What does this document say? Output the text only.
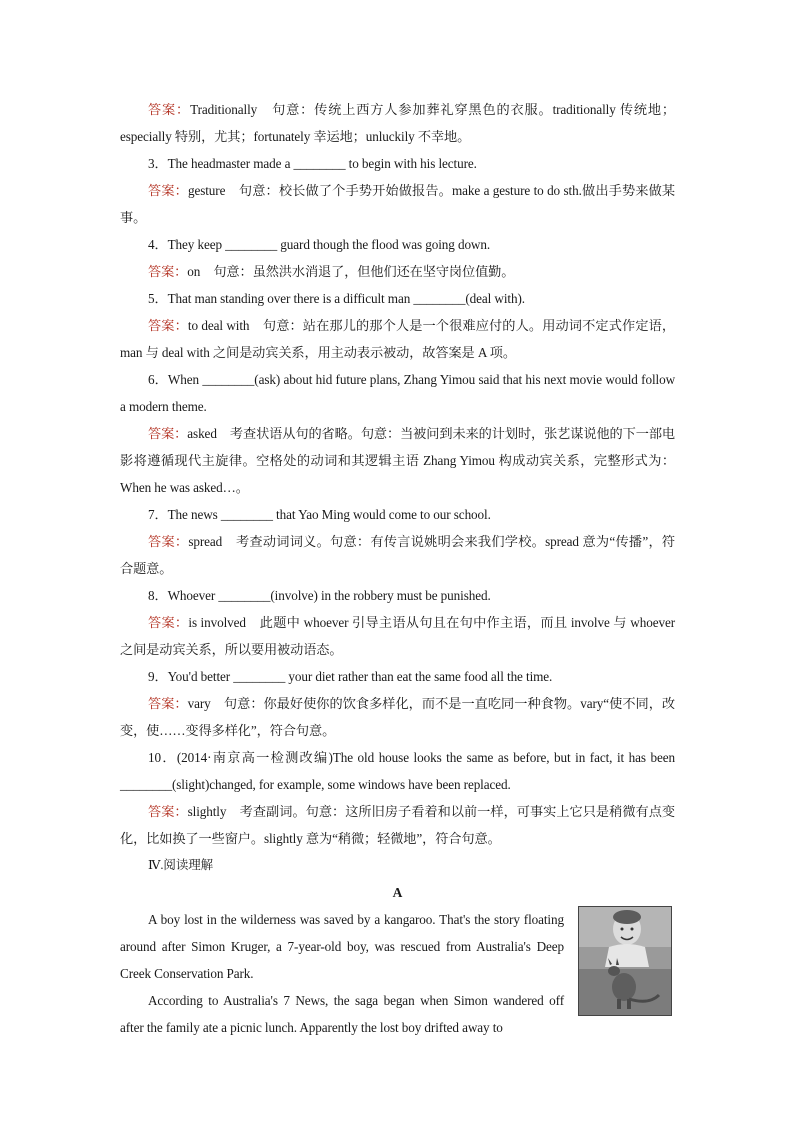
答案：Traditionally　句意：传统上西方人参加葬礼穿黑色的衣服。traditionally 传统地；especially 特别，尤其；fortunately 幸运地；unluckily 不幸地。

3．The headmaster made a ________ to begin with his lecture.

答案：gesture　句意：校长做了个手势开始做报告。make a gesture to do sth.做出手势来做某事。

4．They keep ________ guard though the flood was going down.

答案：on　句意：虽然洪水消退了，但他们还在坚守岗位值勤。

5．That man standing over there is a difficult man ________(deal with).

答案：to deal with　句意：站在那儿的那个人是一个很难应付的人。用动词不定式作定语，man 与 deal with 之间是动宾关系，用主动表示被动，故答案是 A 项。

6．When ________(ask) about hid future plans, Zhang Yimou said that his next movie would follow a modern theme.

答案：asked　考查状语从句的省略。句意：当被问到未来的计划时，张艺谋说他的下一部电影将遵循现代主旋律。空格处的动词和其逻辑主语 Zhang Yimou 构成动宾关系，完整形式为：When he was asked…。

7．The news ________ that Yao Ming would come to our school.

答案：spread　考查动词词义。句意：有传言说姚明会来我们学校。spread 意为“传播”，符合题意。

8．Whoever ________(involve) in the robbery must be punished.

答案：is involved　此题中 whoever 引导主语从句且在句中作主语，而且 involve 与 whoever之间是动宾关系，所以要用被动语态。

9．You'd better ________ your diet rather than eat the same food all the time.

答案：vary　句意：你最好使你的饮食多样化，而不是一直吃同一种食物。vary“使不同，改变，使……变得多样化”，符合句意。

10．(2014·南京高一检测改编)The old house looks the same as before, but in fact, it has been ________(slight)changed, for example, some windows have been replaced.

答案：slightly　考查副词。句意：这所旧房子看着和以前一样，可事实上它只是稍微有点变化，比如换了一些窗户。slightly 意为“稍微；轻微地”，符合句意。

Ⅳ.阅读理解

A

A boy lost in the wilderness was saved by a kangaroo. That's the story floating around after Simon Kruger, a 7-year-old boy, was rescued from Australia's Deep Creek Conservation Park.

According to Australia's 7 News, the saga began when Simon wandered off after the family ate a picnic lunch. Apparently the lost boy drifted away to
